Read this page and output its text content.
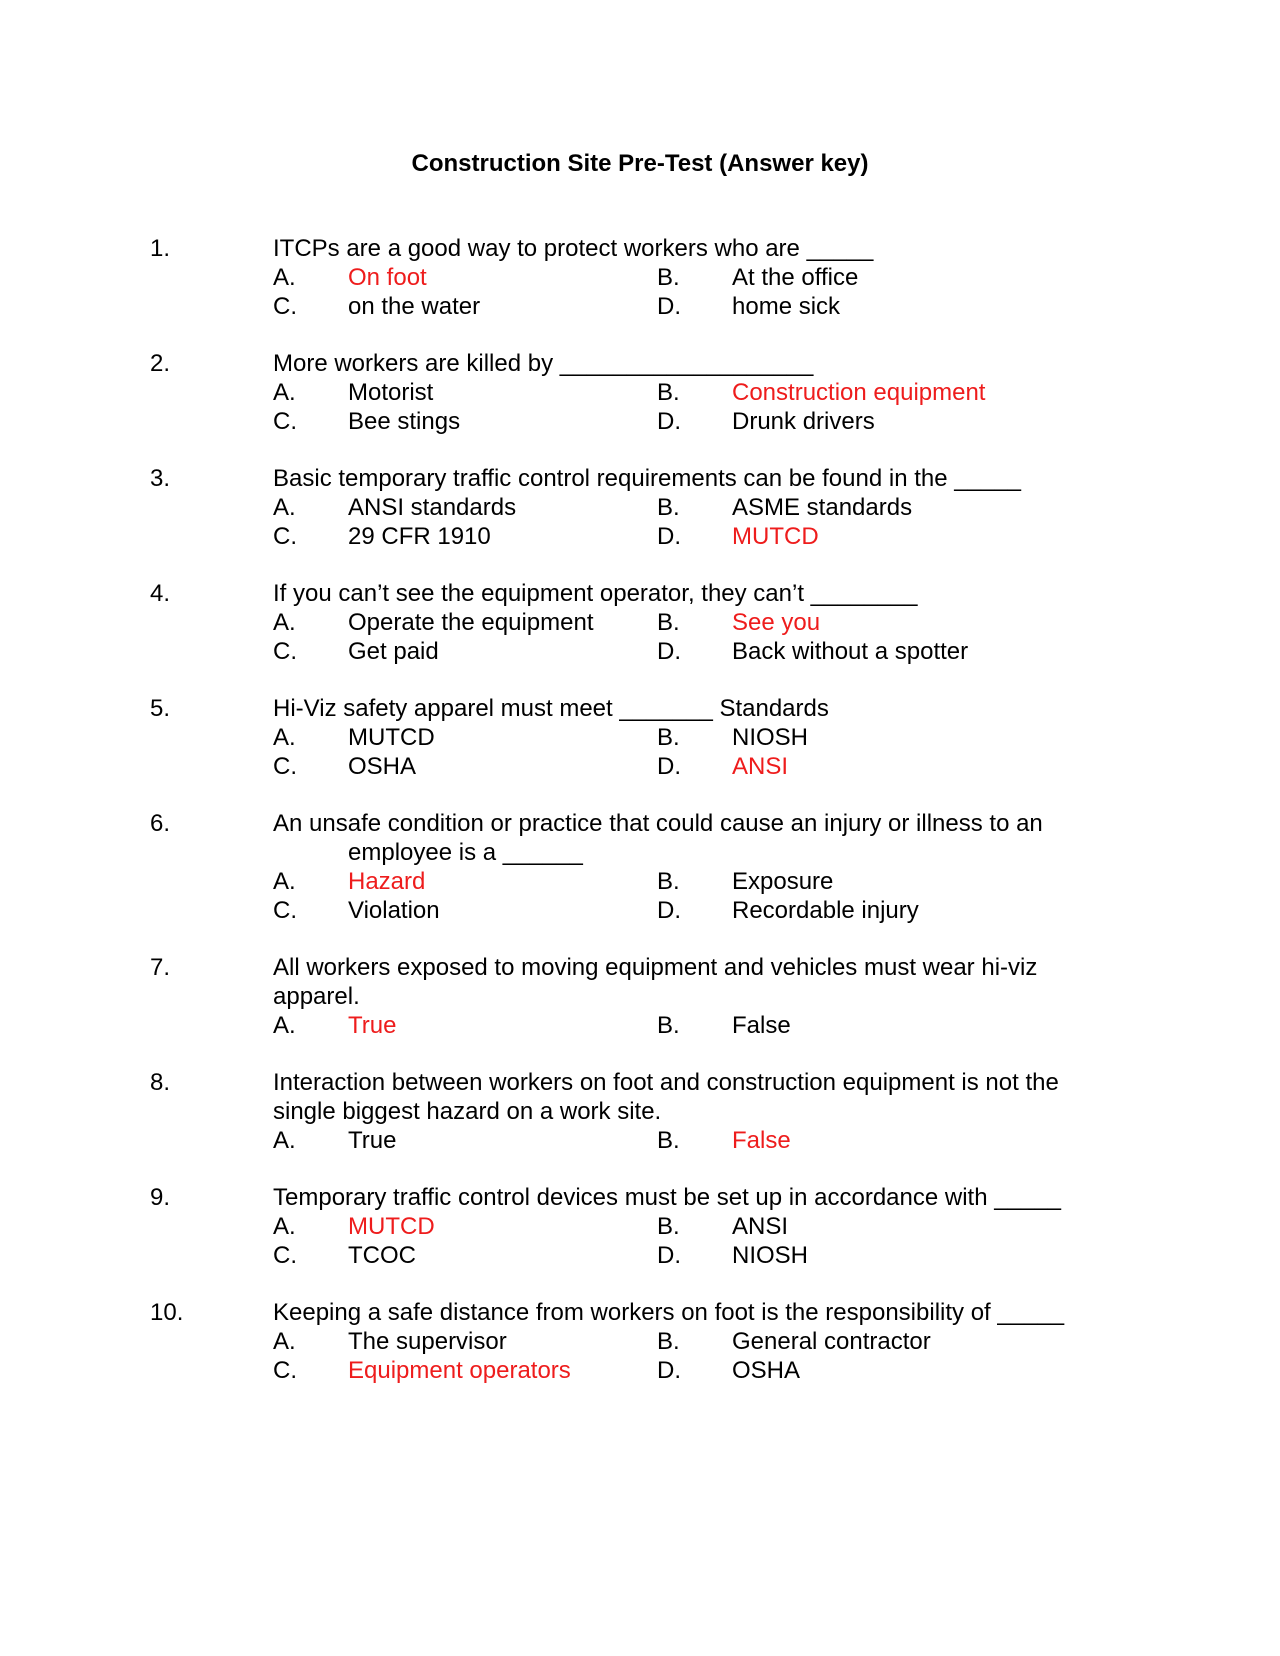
Construction Site Pre-Test (Answer key)
1.	ITCPs are a good way to protect workers who are _____
A. On foot	B. At the office
C. on the water	D. home sick
2.	More workers are killed by ___________________
A. Motorist	B. Construction equipment
C. Bee stings	D. Drunk drivers
3.	Basic temporary traffic control requirements can be found in the _____
A. ANSI standards	B. ASME standards
C. 29 CFR 1910	D. MUTCD
4.	If you can’t see the equipment operator, they can’t ________
A. Operate the equipment	B. See you
C. Get paid	D. Back without a spotter
5.	Hi-Viz safety apparel must meet _______ Standards
A. MUTCD	B. NIOSH
C. OSHA	D. ANSI
6.	An unsafe condition or practice that could cause an injury or illness to an
employee is a ______
A. Hazard	B. Exposure
C. Violation	D. Recordable injury
7.	All workers exposed to moving equipment and vehicles must wear hi-viz
apparel.
A. True	B. False
8.	Interaction between workers on foot and construction equipment is not the
single biggest hazard on a work site.
A. True	B. False
9.	Temporary traffic control devices must be set up in accordance with _____
A. MUTCD	B. ANSI
C. TCOC	D. NIOSH
10.	Keeping a safe distance from workers on foot is the responsibility of _____
A. The supervisor	B. General contractor
C. Equipment operators	D. OSHA
